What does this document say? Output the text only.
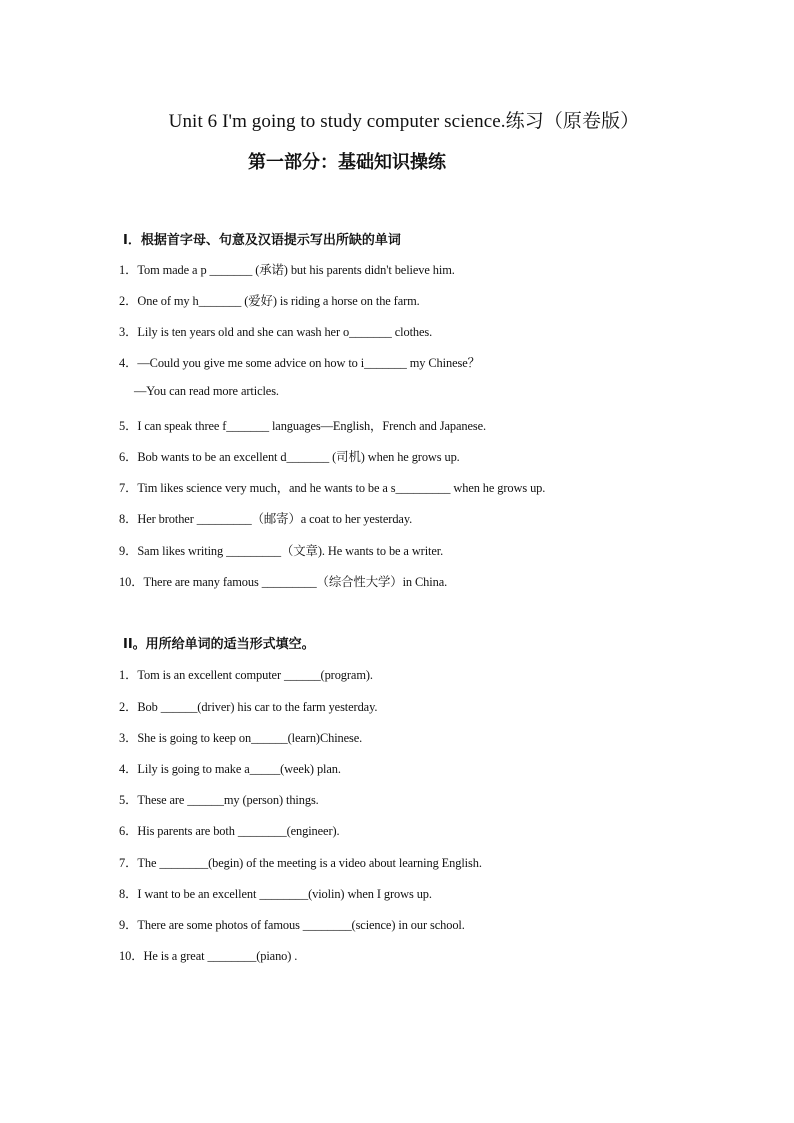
Unit 6 I'm going to study computer science.练习（原卷版）
第一部分：基础知识操练
I．根据首字母、句意及汉语提示写出所缺的单词
1．Tom made a p _______ (承诺) but his parents didn't believe him.
2．One of my h_______ (爱好) is riding a horse on the farm.
3．Lily is ten years old and she can wash her o_______ clothes.
4．—Could you give me some advice on how to i_______ my Chinese？
—You can read more articles.
5．I can speak three f_______ languages—English，French and Japanese.
6．Bob wants to be an excellent d_______ (司机) when he grows up.
7．Tim likes science very much，and he wants to be a s_________ when he grows up.
8．Her brother _________（邮寄）a coat to her yesterday.
9．Sam likes writing _________（文章). He wants to be a writer.
10．There are many famous _________（综合性大学）in China.
II。用所给单词的适当形式填空。
1．Tom is an excellent computer ______(program).
2．Bob ______(driver) his car to the farm yesterday.
3．She is going to keep on______(learn)Chinese.
4．Lily is going to make a_____(week) plan.
5．These are ______my (person) things.
6．His parents are both ________(engineer).
7．The ________(begin) of the meeting is a video about learning English.
8．I want to be an excellent ________(violin) when I grows up.
9．There are some photos of famous ________(science) in our school.
10．He is a great ________(piano) .
